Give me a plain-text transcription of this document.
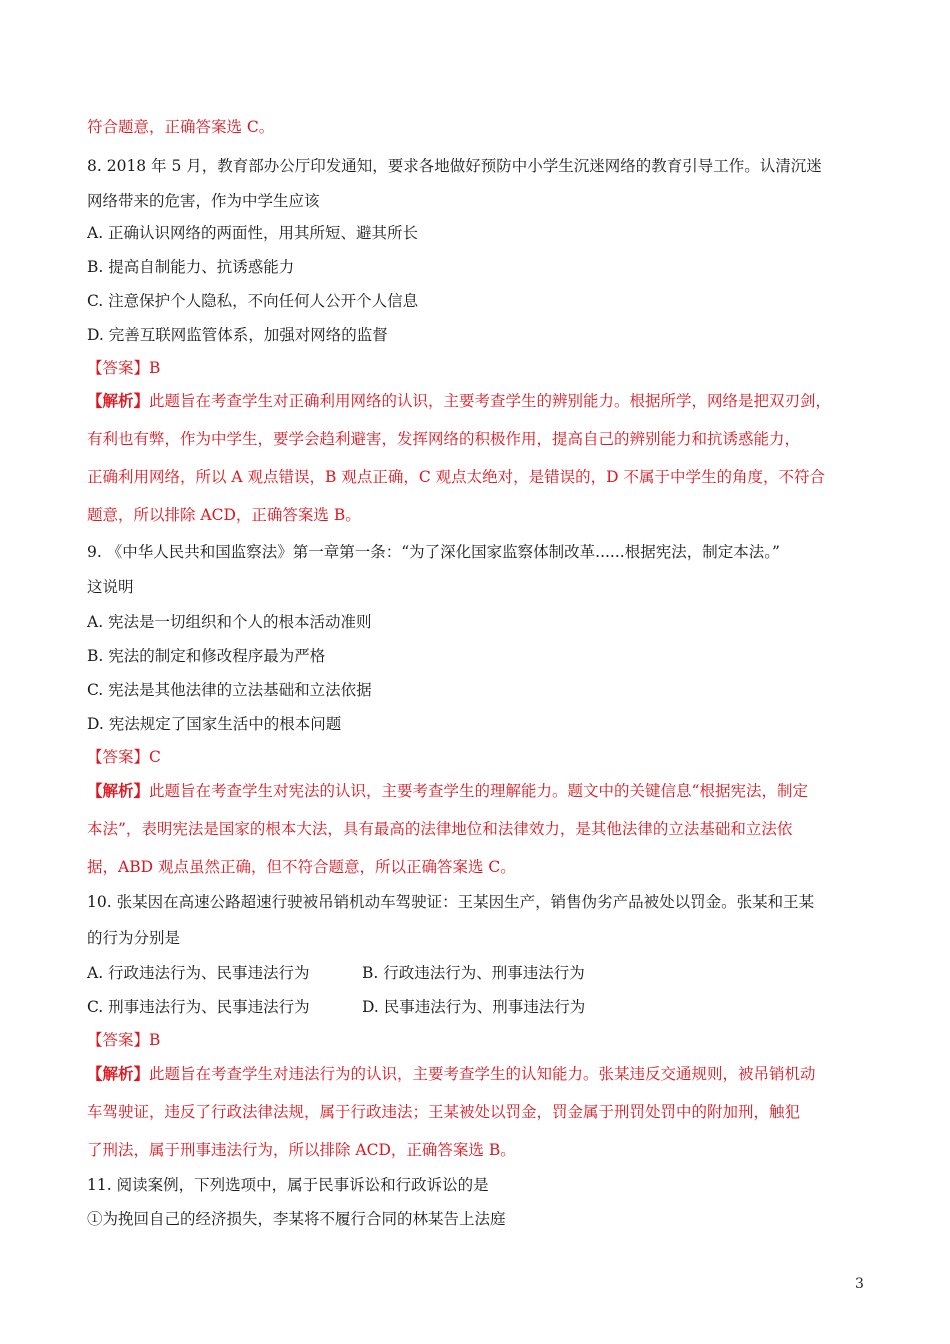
符合题意，正确答案选 C。
8. 2018 年 5 月，教育部办公厅印发通知，要求各地做好预防中小学生沉迷网络的教育引导工作。认清沉迷
网络带来的危害，作为中学生应该
A. 正确认识网络的两面性，用其所短、避其所长
B. 提高自制能力、抗诱惑能力
C. 注意保护个人隐私，不向任何人公开个人信息
D. 完善互联网监管体系，加强对网络的监督
【答案】B
【解析】此题旨在考查学生对正确利用网络的认识，主要考查学生的辨别能力。根据所学，网络是把双刃剑，
有利也有弊，作为中学生，要学会趋利避害，发挥网络的积极作用，提高自己的辨别能力和抗诱惑能力，
正确利用网络，所以 A 观点错误，B 观点正确，C 观点太绝对，是错误的，D 不属于中学生的角度，不符合
题意，所以排除 ACD，正确答案选 B。
9. 《中华人民共和国监察法》第一章第一条：“为了深化国家监察体制改革......根据宪法，制定本法。”
这说明
A. 宪法是一切组织和个人的根本活动准则
B. 宪法的制定和修改程序最为严格
C. 宪法是其他法律的立法基础和立法依据
D. 宪法规定了国家生活中的根本问题
【答案】C
【解析】此题旨在考查学生对宪法的认识，主要考查学生的理解能力。题文中的关键信息“根据宪法，制定
本法”，表明宪法是国家的根本大法，具有最高的法律地位和法律效力，是其他法律的立法基础和立法依
据，ABD 观点虽然正确，但不符合题意，所以正确答案选 C。
10. 张某因在高速公路超速行驶被吊销机动车驾驶证：王某因生产，销售伪劣产品被处以罚金。张某和王某
的行为分别是
A. 行政违法行为、民事违法行为	B. 行政违法行为、刑事违法行为
C. 刑事违法行为、民事违法行为	D. 民事违法行为、刑事违法行为
【答案】B
【解析】此题旨在考查学生对违法行为的认识，主要考查学生的认知能力。张某违反交通规则，被吊销机动
车驾驶证，违反了行政法律法规，属于行政违法；王某被处以罚金，罚金属于刑罚处罚中的附加刑，触犯
了刑法，属于刑事违法行为，所以排除 ACD，正确答案选 B。
11. 阅读案例，下列选项中，属于民事诉讼和行政诉讼的是
①为挽回自己的经济损失，李某将不履行合同的林某告上法庭
3
